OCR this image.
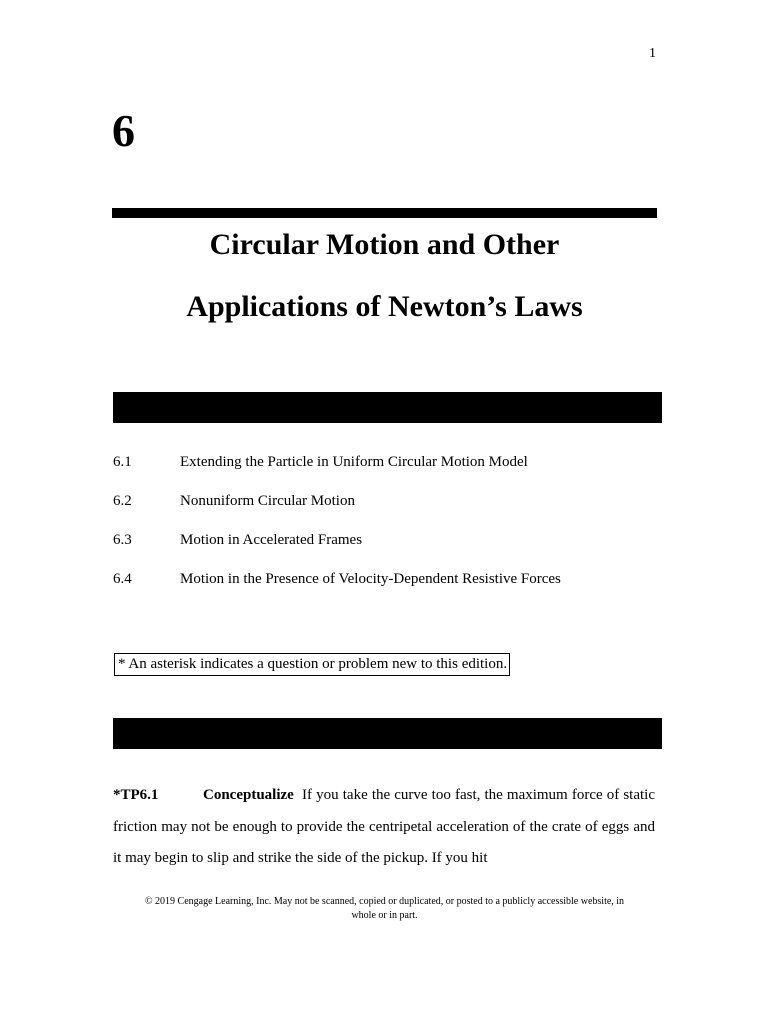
1
6
Circular Motion and Other
Applications of Newton’s Laws
6.1	Extending the Particle in Uniform Circular Motion Model
6.2	Nonuniform Circular Motion
6.3	Motion in Accelerated Frames
6.4	Motion in the Presence of Velocity-Dependent Resistive Forces
* An asterisk indicates a question or problem new to this edition.
*TP6.1	Conceptualize If you take the curve too fast, the maximum force of static friction may not be enough to provide the centripetal acceleration of the crate of eggs and it may begin to slip and strike the side of the pickup. If you hit
© 2019 Cengage Learning, Inc. May not be scanned, copied or duplicated, or posted to a publicly accessible website, in
whole or in part.
